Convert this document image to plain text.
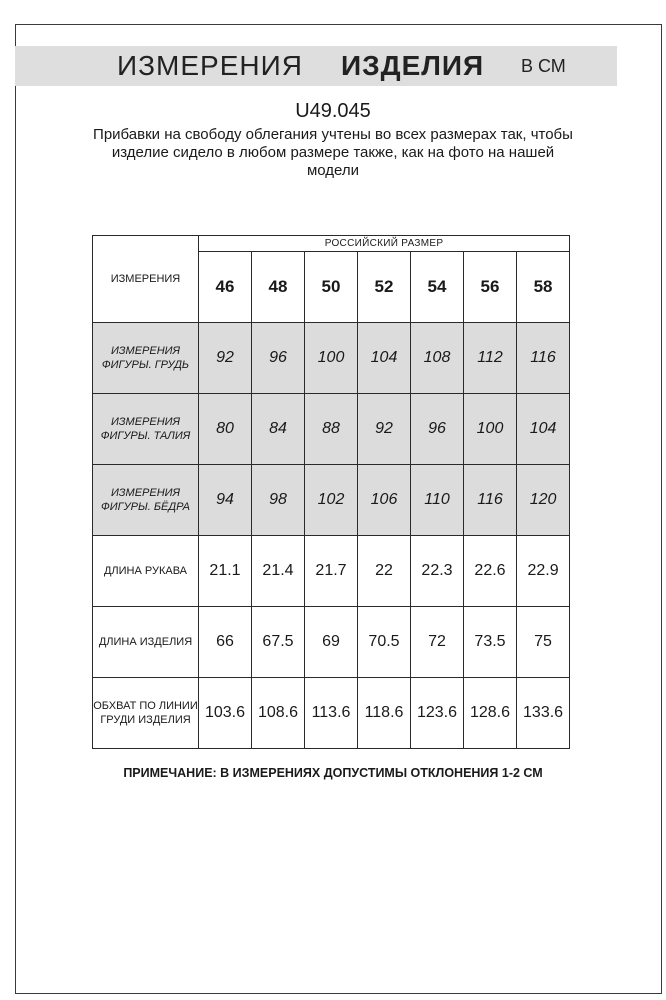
ИЗМЕРЕНИЯ ИЗДЕЛИЯ В СМ
U49.045
Прибавки на свободу облегания учтены во всех размерах так, чтобы изделие сидело в любом размере также, как на фото на нашей модели
ИЗМЕРЕНИЯ	РОССИЙСКИЙ РАЗМЕР						
	46	48	50	52	54	56	58
ИЗМЕРЕНИЯ ФИГУРЫ. ГРУДЬ	92	96	100	104	108	112	116
ИЗМЕРЕНИЯ ФИГУРЫ. ТАЛИЯ	80	84	88	92	96	100	104
ИЗМЕРЕНИЯ ФИГУРЫ. БЁДРА	94	98	102	106	110	116	120
ДЛИНА РУКАВА	21.1	21.4	21.7	22	22.3	22.6	22.9
ДЛИНА ИЗДЕЛИЯ	66	67.5	69	70.5	72	73.5	75
ОБХВАТ ПО ЛИНИИ ГРУДИ ИЗДЕЛИЯ	103.6	108.6	113.6	118.6	123.6	128.6	133.6
ПРИМЕЧАНИЕ: В ИЗМЕРЕНИЯХ ДОПУСТИМЫ ОТКЛОНЕНИЯ 1-2 СМ
